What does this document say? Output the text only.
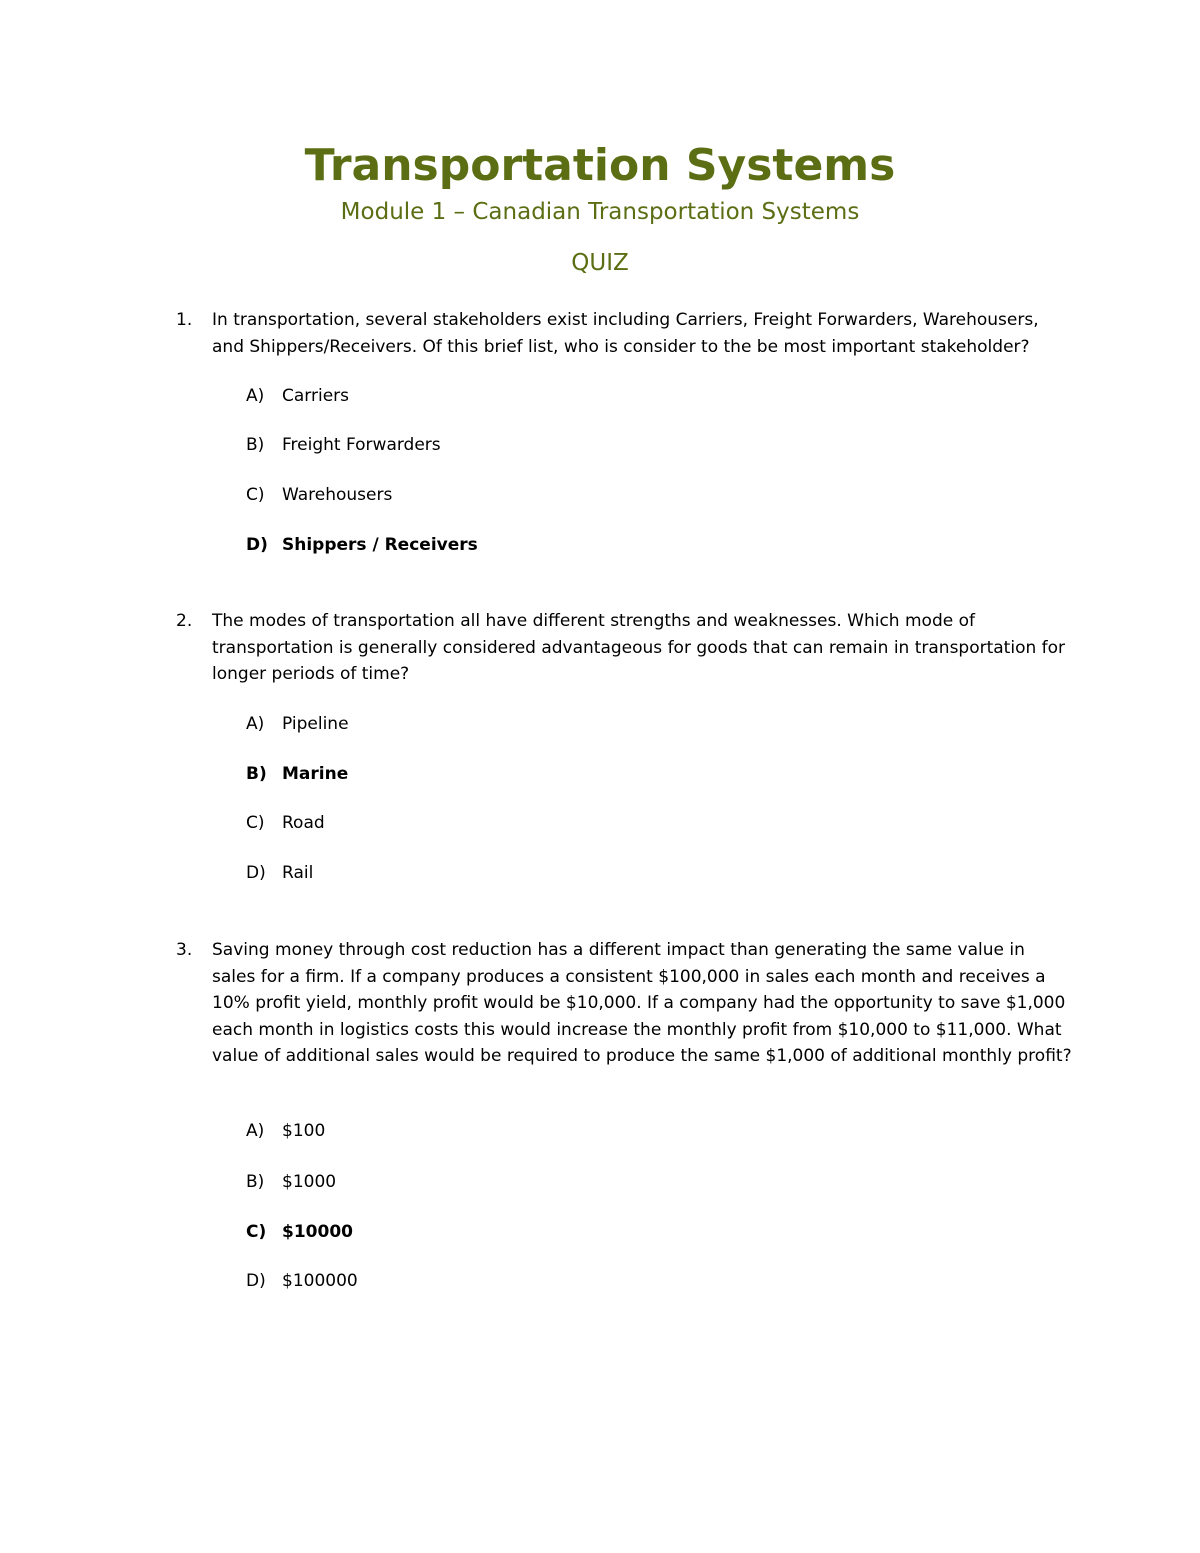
Transportation Systems
Module 1 – Canadian Transportation Systems
QUIZ
1.	In transportation, several stakeholders exist including Carriers, Freight Forwarders, Warehousers, and Shippers/Receivers. Of this brief list, who is consider to the be most important stakeholder?
A) Carriers
B) Freight Forwarders
C) Warehousers
D) Shippers / Receivers
2.	The modes of transportation all have different strengths and weaknesses. Which mode of transportation is generally considered advantageous for goods that can remain in transportation for longer periods of time?
A) Pipeline
B) Marine
C) Road
D) Rail
3.	Saving money through cost reduction has a different impact than generating the same value in sales for a firm. If a company produces a consistent $100,000 in sales each month and receives a 10% profit yield, monthly profit would be $10,000. If a company had the opportunity to save $1,000 each month in logistics costs this would increase the monthly profit from $10,000 to $11,000. What value of additional sales would be required to produce the same $1,000 of additional monthly profit?
A) $100
B) $1000
C) $10000
D) $100000
